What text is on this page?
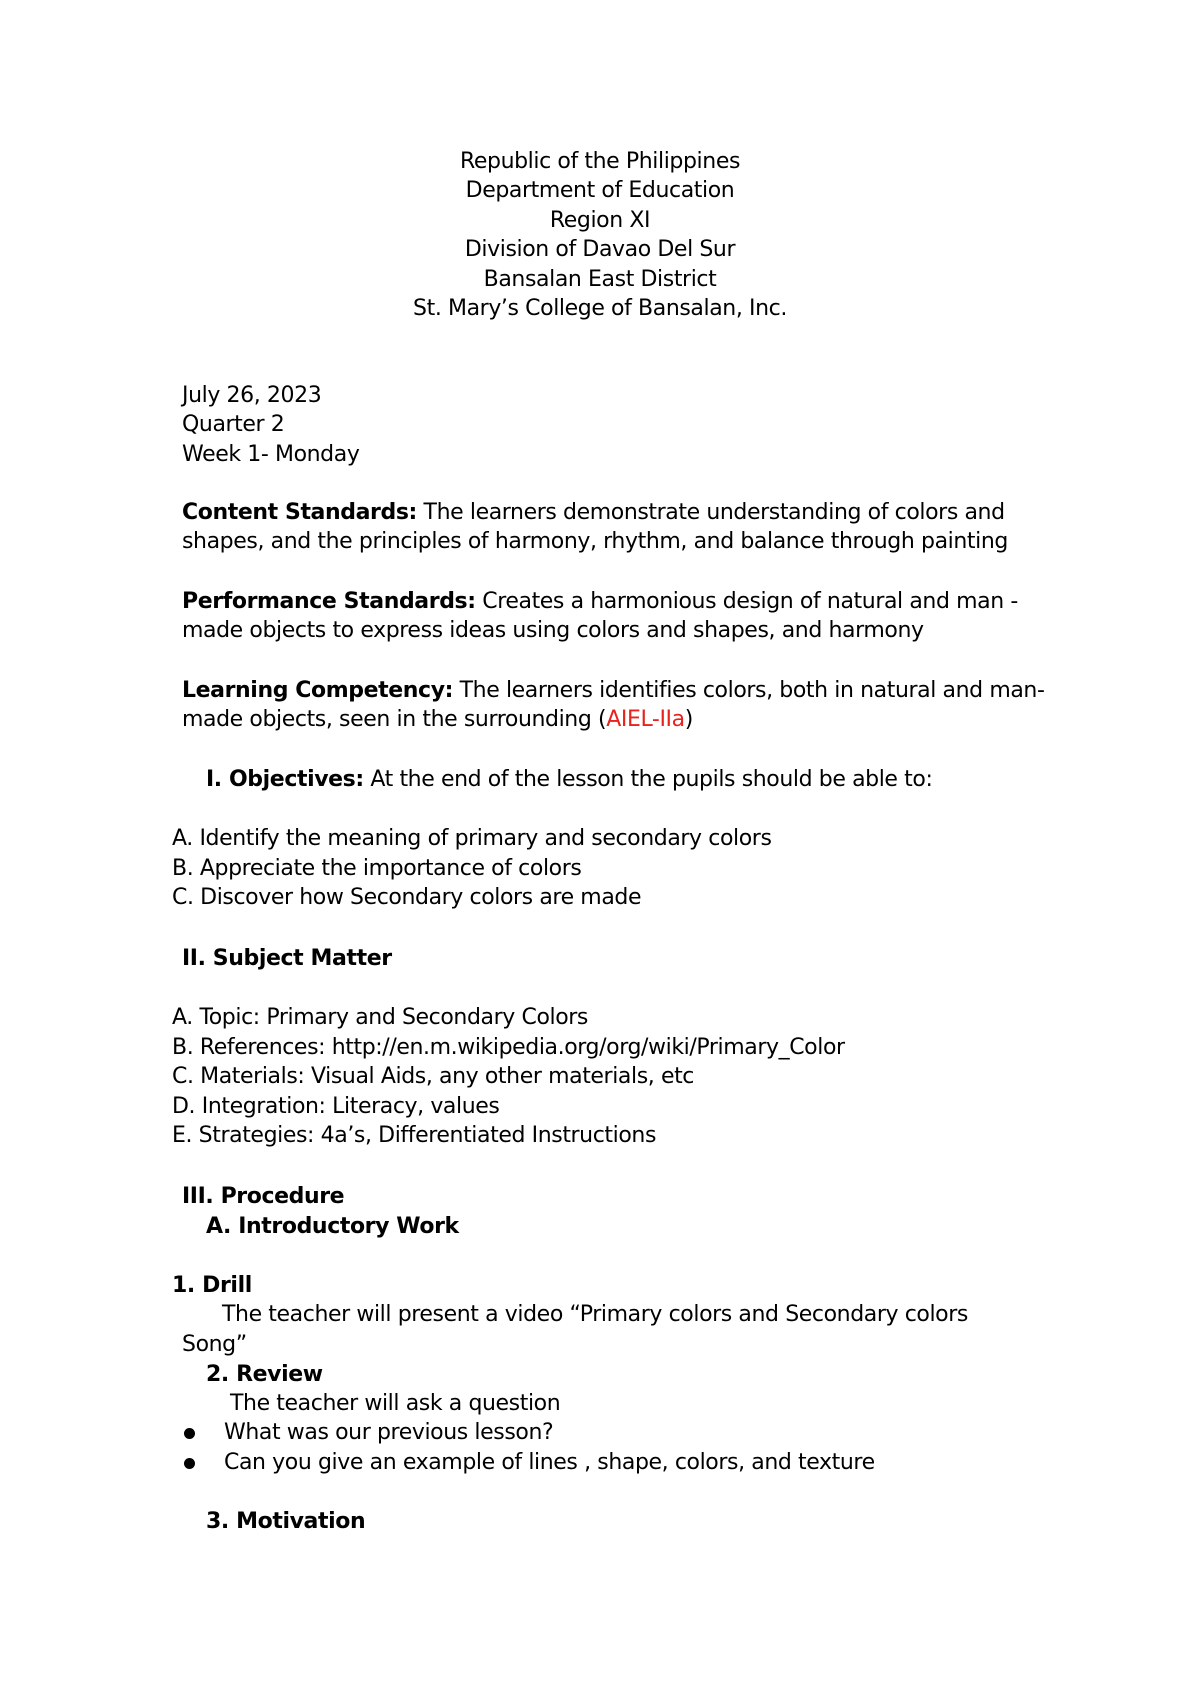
Republic of the Philippines
Department of Education
Region XI
Division of Davao Del Sur
Bansalan East District
St. Mary’s College of Bansalan, Inc.
July 26, 2023
Quarter 2
Week 1- Monday
Content Standards: The learners demonstrate understanding of colors and
shapes, and the principles of harmony, rhythm, and balance through painting
Performance Standards: Creates a harmonious design of natural and man -
made objects to express ideas using colors and shapes, and harmony
Learning Competency: The learners identifies colors, both in natural and man-
made objects, seen in the surrounding (AIEL-IIa)
I. Objectives: At the end of the lesson the pupils should be able to:
A. Identify the meaning of primary and secondary colors
B. Appreciate the importance of colors
C. Discover how Secondary colors are made
II. Subject Matter
A. Topic: Primary and Secondary Colors
B. References: http://en.m.wikipedia.org/org/wiki/Primary_Color
C. Materials: Visual Aids, any other materials, etc
D. Integration: Literacy, values
E. Strategies: 4a’s, Differentiated Instructions
III. Procedure
A. Introductory Work
1. Drill
The teacher will present a video “Primary colors and Secondary colors
Song”
2. Review
The teacher will ask a question
What was our previous lesson?
Can you give an example of lines , shape, colors, and texture
3. Motivation
